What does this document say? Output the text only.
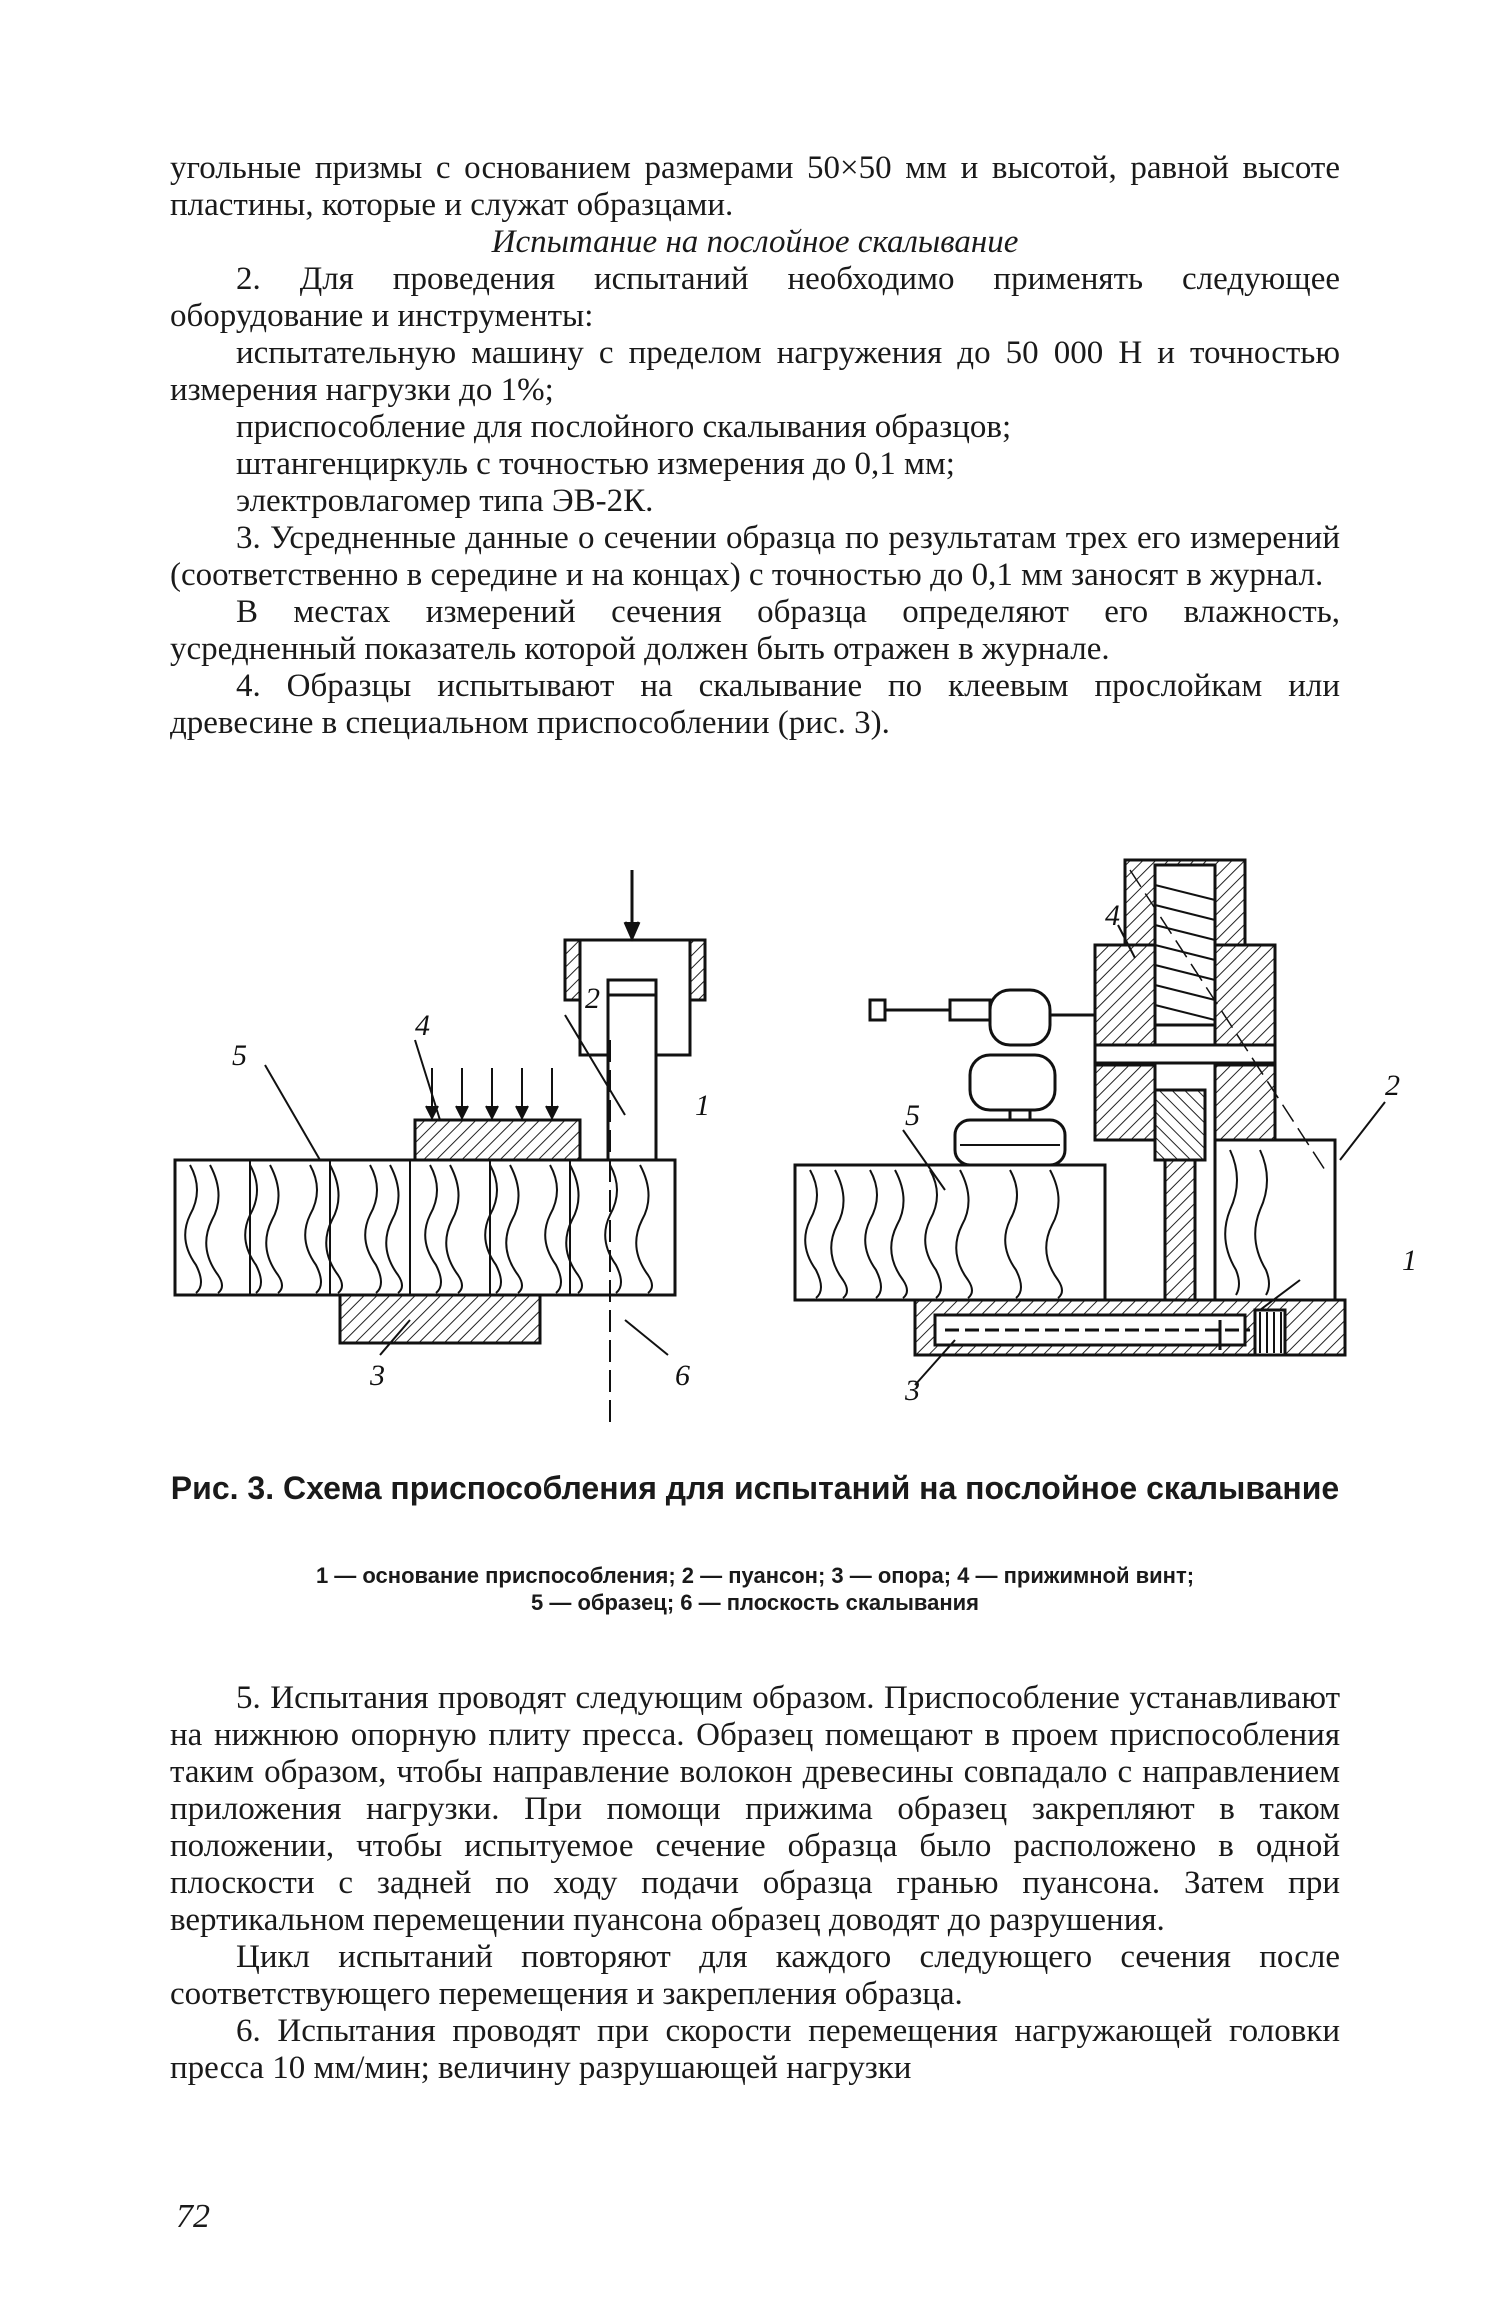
угольные призмы с основанием размерами 50×50 мм и высотой, равной высоте пластины, которые и служат образцами.

Испытание на послойное скалывание

2. Для проведения испытаний необходимо применять следующее оборудование и инструменты:

испытательную машину с пределом нагружения до 50 000 Н и точностью измерения нагрузки до 1%;

приспособление для послойного скалывания образцов;

штангенциркуль с точностью измерения до 0,1 мм;

электровлагомер типа ЭВ-2К.

3. Усредненные данные о сечении образца по результатам трех его измерений (соответственно в середине и на концах) с точностью до 0,1 мм заносят в журнал.

В местах измерений сечения образца определяют его влажность, усредненный показатель которой должен быть отражен в журнале.

4. Образцы испытывают на скалывание по клеевым прослойкам или древесине в специальном приспособлении (рис. 3).

5
4
2
1
3	6
4
5
2
1
3
Рис. 3. Схема приспособления для испытаний на послойное скалывание
1 — основание приспособления; 2 — пуансон; 3 — опора; 4 — прижимной винт;
5 — образец; 6 — плоскость скалывания

5. Испытания проводят следующим образом. Приспособление устанавливают на нижнюю опорную плиту пресса. Образец помещают в проем приспособления таким образом, чтобы направление волокон древесины совпадало с направлением приложения нагрузки. При помощи прижима образец закрепляют в таком положении, чтобы испытуемое сечение образца было расположено в одной плоскости с задней по ходу подачи образца гранью пуансона. Затем при вертикальном перемещении пуансона образец доводят до разрушения.

Цикл испытаний повторяют для каждого следующего сечения после соответствующего перемещения и закрепления образца.

6. Испытания проводят при скорости перемещения нагружающей головки пресса 10 мм/мин; величину разрушающей нагрузки

72
